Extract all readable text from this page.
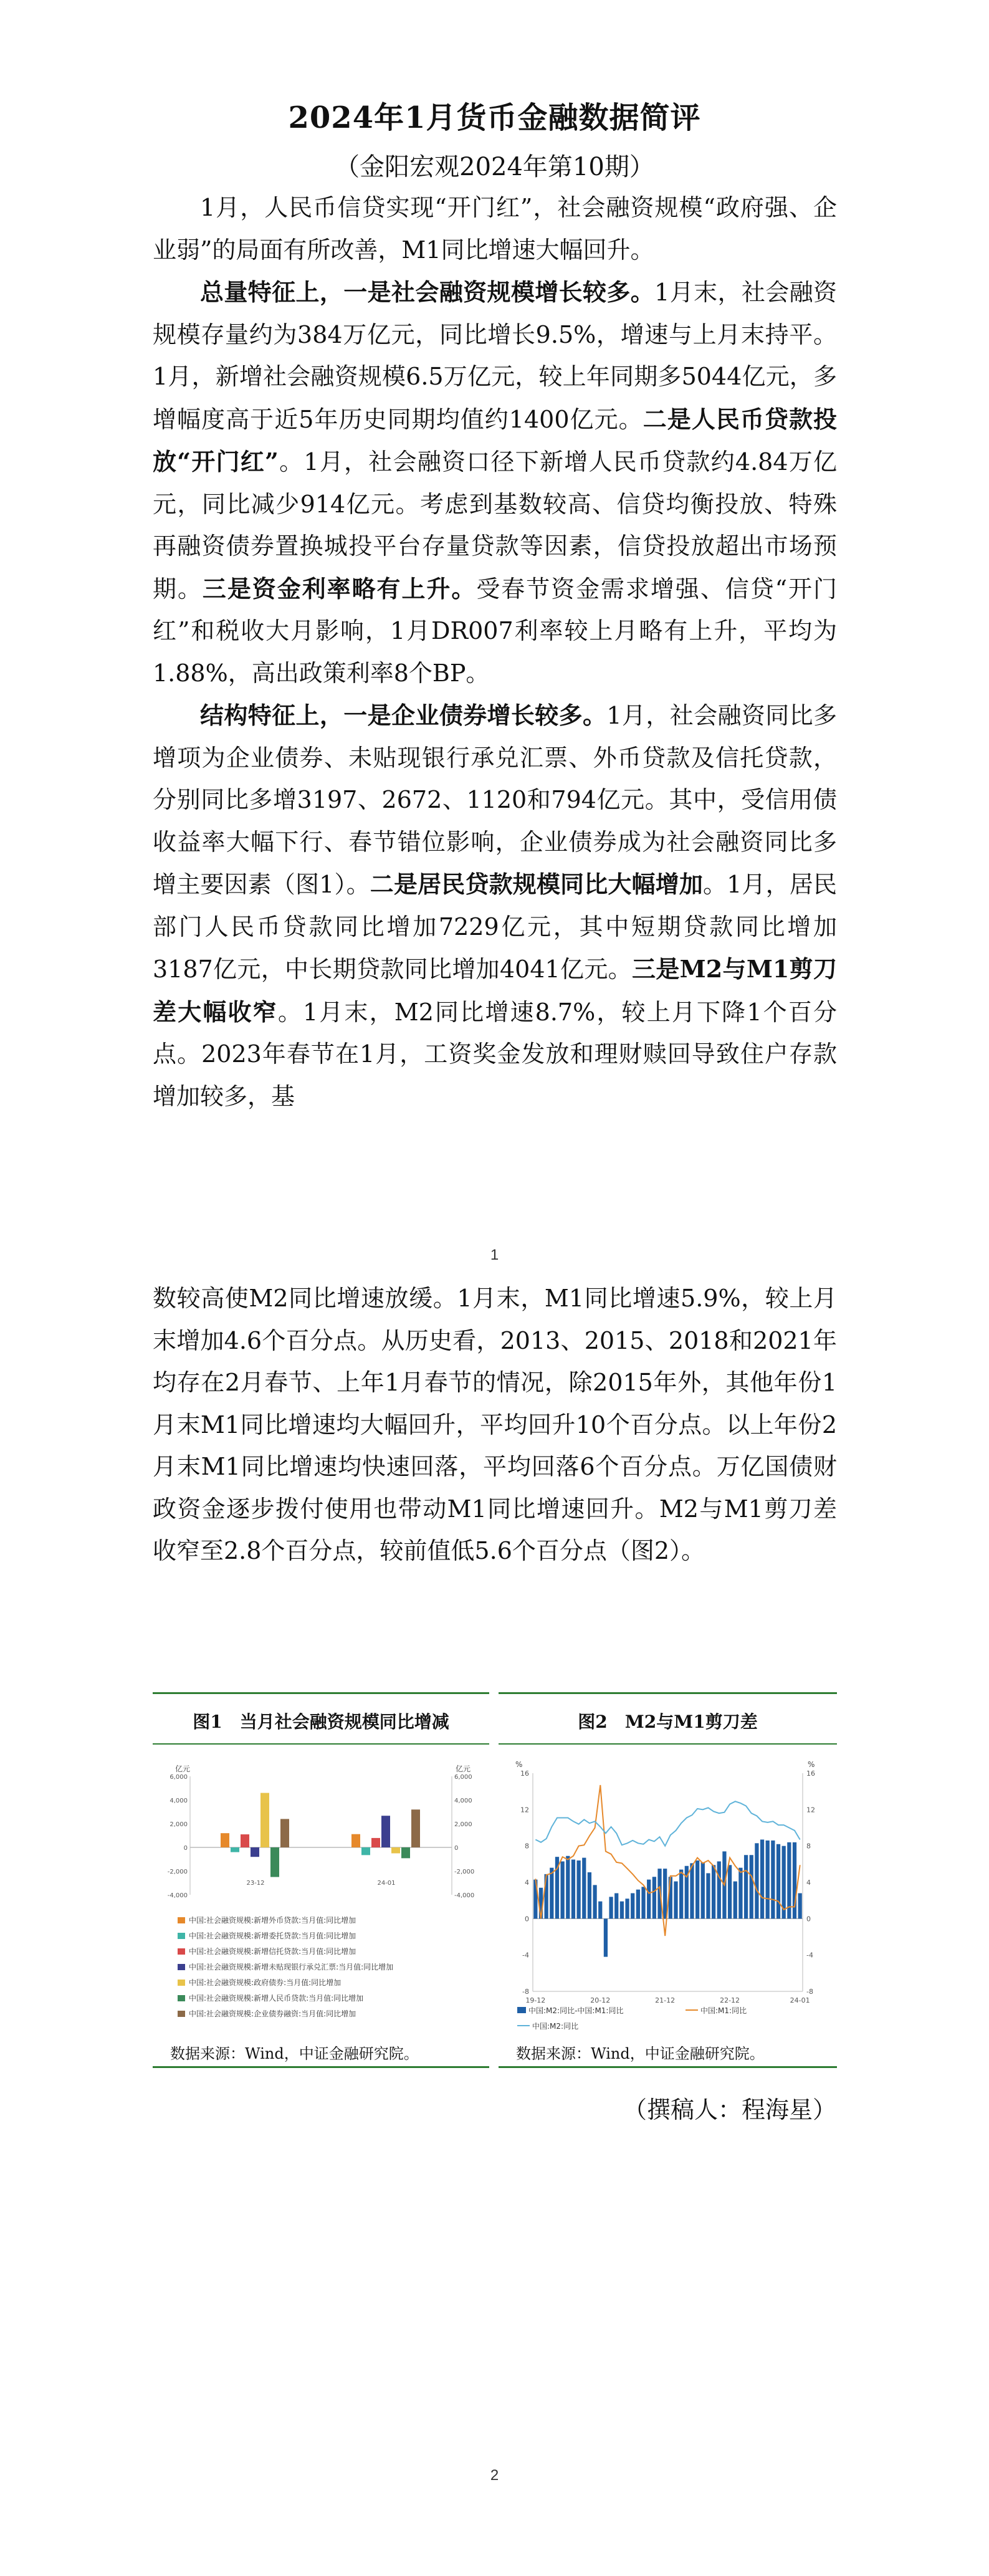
2024年1月货币金融数据简评
（金阳宏观2024年第10期）

1月，人民币信贷实现“开门红”，社会融资规模“政府强、企业弱”的局面有所改善，M1同比增速大幅回升。

总量特征上，一是社会融资规模增长较多。1月末，社会融资规模存量约为384万亿元，同比增长9.5%，增速与上月末持平。1月，新增社会融资规模6.5万亿元，较上年同期多5044亿元，多增幅度高于近5年历史同期均值约1400亿元。二是人民币贷款投放“开门红”。1月，社会融资口径下新增人民币贷款约4.84万亿元，同比减少914亿元。考虑到基数较高、信贷均衡投放、特殊再融资债券置换城投平台存量贷款等因素，信贷投放超出市场预期。三是资金利率略有上升。受春节资金需求增强、信贷“开门红”和税收大月影响，1月DR007利率较上月略有上升，平均为1.88%，高出政策利率8个BP。

结构特征上，一是企业债券增长较多。1月，社会融资同比多增项为企业债券、未贴现银行承兑汇票、外币贷款及信托贷款，分别同比多增3197、2672、1120和794亿元。其中，受信用债收益率大幅下行、春节错位影响，企业债券成为社会融资同比多增主要因素（图1）。二是居民贷款规模同比大幅增加。1月，居民部门人民币贷款同比增加7229亿元，其中短期贷款同比增加3187亿元，中长期贷款同比增加4041亿元。三是M2与M1剪刀差大幅收窄。1月末，M2同比增速8.7%，较上月下降1个百分点。2023年春节在1月，工资奖金发放和理财赎回导致住户存款增加较多，基

1

数较高使M2同比增速放缓。1月末，M1同比增速5.9%，较上月末增加4.6个百分点。从历史看，2013、2015、2018和2021年均存在2月春节、上年1月春节的情况，除2015年外，其他年份1月末M1同比增速均大幅回升，平均回升10个百分点。以上年份2月末M1同比增速均快速回落，平均回落6个百分点。万亿国债财政资金逐步拨付使用也带动M1同比增速回升。M2与M1剪刀差收窄至2.8个百分点，较前值低5.6个百分点（图2）。

图1　当月社会融资规模同比增减
亿元	亿元
6,000	6,000
4,000	4,000
2,000	2,000
0	0
-2,000	-2,000
-4,000	-4,000
23-12	24-01
中国:社会融资规模:新增外币贷款:当月值:同比增加
中国:社会融资规模:新增委托贷款:当月值:同比增加
中国:社会融资规模:新增信托贷款:当月值:同比增加
中国:社会融资规模:新增未贴现银行承兑汇票:当月值:同比增加
中国:社会融资规模:政府债券:当月值:同比增加
中国:社会融资规模:新增人民币贷款:当月值:同比增加
中国:社会融资规模:企业债券融资:当月值:同比增加
数据来源：Wind，中证金融研究院。
图2　M2与M1剪刀差
%	%
16	16
12	12
8	8
4	4
0	0
-4	-4
-8	-8
19-12	20-12	21-12	22-12	24-01
中国:M2:同比-中国:M1:同比	中国:M1:同比
中国:M2:同比
数据来源：Wind，中证金融研究院。
（撰稿人：程海星）
2
